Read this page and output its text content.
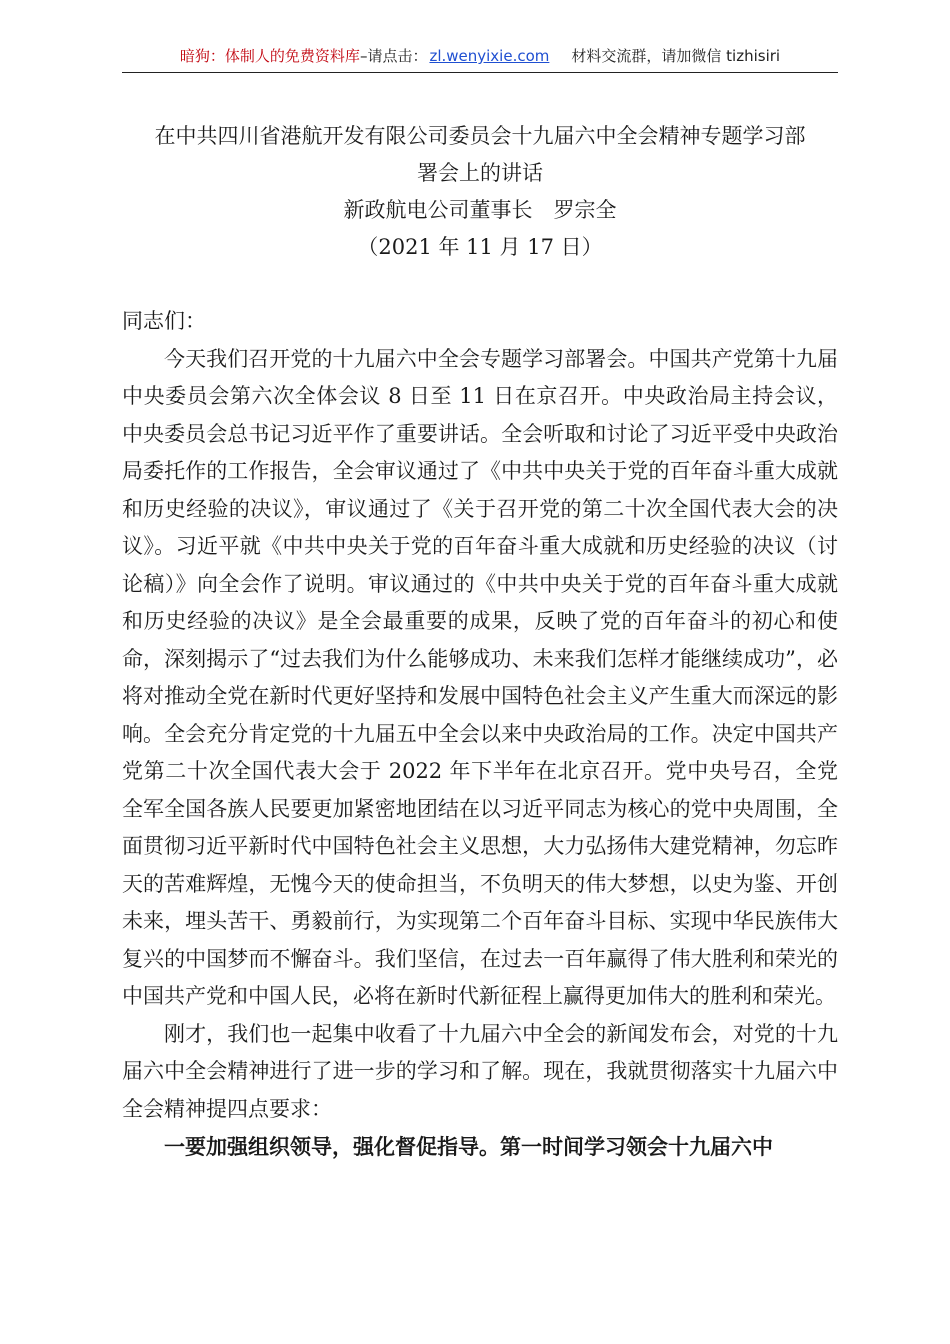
暗狗：体制人的免费资料库 –请点击： zl.wenyixie.com 材料交流群，请加微信 tizhisiri
在中共四川省港航开发有限公司委员会十九届六中全会精神专题学习部
署会上的讲话
新政航电公司董事长　罗宗全
（2021 年 11 月 17 日）

同志们：

今天我们召开党的十九届六中全会专题学习部署会。中国共产党第十九届中央委员会第六次全体会议 8 日至 11 日在京召开。中央政治局主持会议，中央委员会总书记习近平作了重要讲话。全会听取和讨论了习近平受中央政治局委托作的工作报告，全会审议通过了《中共中央关于党的百年奋斗重大成就和历史经验的决议》，审议通过了《关于召开党的第二十次全国代表大会的决议》。习近平就《中共中央关于党的百年奋斗重大成就和历史经验的决议（讨论稿）》向全会作了说明。审议通过的《中共中央关于党的百年奋斗重大成就和历史经验的决议》是全会最重要的成果，反映了党的百年奋斗的初心和使命，深刻揭示了“过去我们为什么能够成功、未来我们怎样才能继续成功”，必将对推动全党在新时代更好坚持和发展中国特色社会主义产生重大而深远的影响。全会充分肯定党的十九届五中全会以来中央政治局的工作。决定中国共产党第二十次全国代表大会于 2022 年下半年在北京召开。党中央号召，全党全军全国各族人民要更加紧密地团结在以习近平同志为核心的党中央周围，全面贯彻习近平新时代中国特色社会主义思想，大力弘扬伟大建党精神，勿忘昨天的苦难辉煌，无愧今天的使命担当，不负明天的伟大梦想，以史为鉴、开创未来，埋头苦干、勇毅前行，为实现第二个百年奋斗目标、实现中华民族伟大复兴的中国梦而不懈奋斗。我们坚信，在过去一百年赢得了伟大胜利和荣光的中国共产党和中国人民，必将在新时代新征程上赢得更加伟大的胜利和荣光。

刚才，我们也一起集中收看了十九届六中全会的新闻发布会，对党的十九届六中全会精神进行了进一步的学习和了解。现在，我就贯彻落实十九届六中全会精神提四点要求：

一要加强组织领导，强化督促指导。第一时间学习领会十九届六中
